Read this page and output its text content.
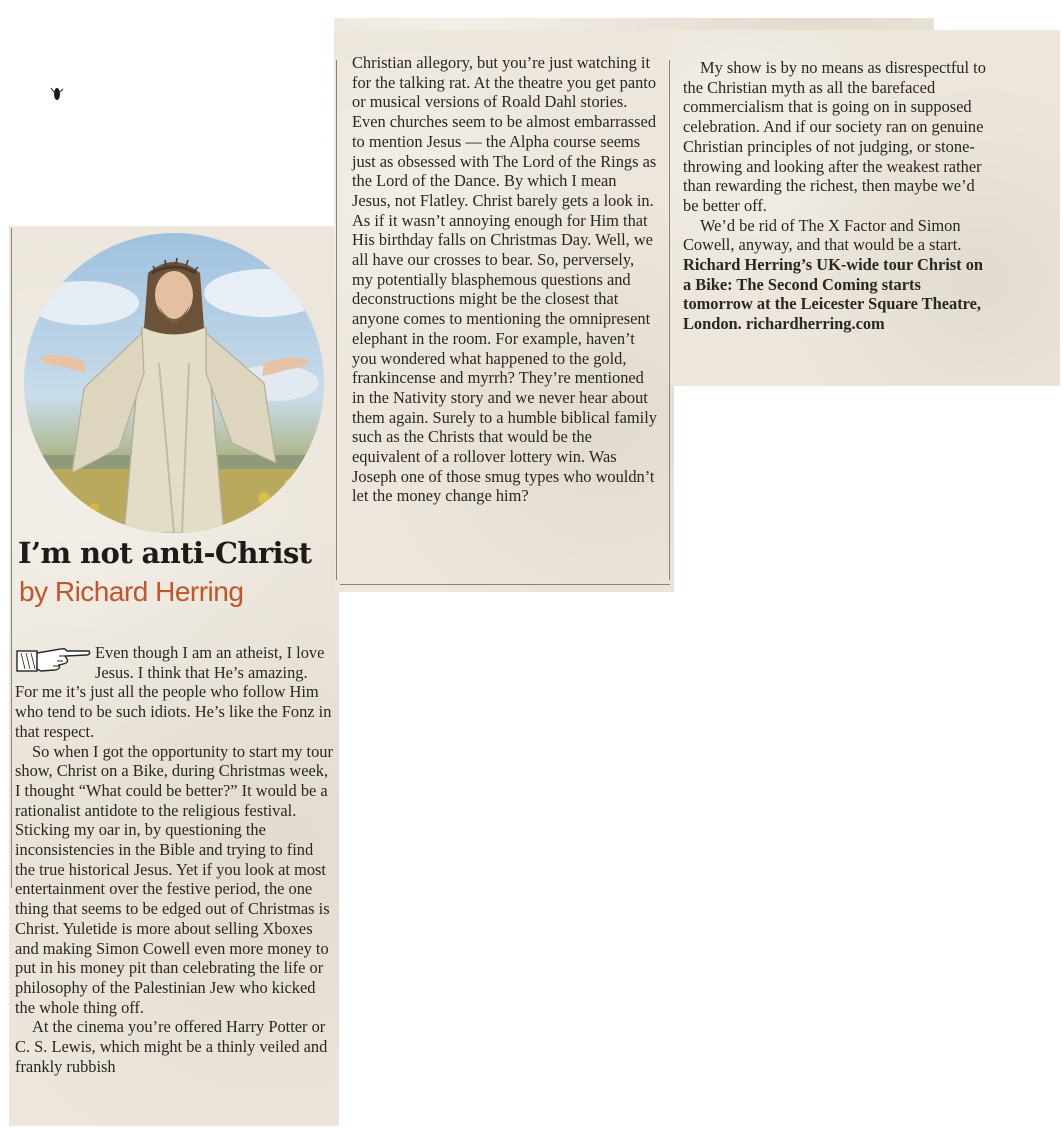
I’m not anti-Christ
by Richard Herring

Even though I am an atheist, I love Jesus. I think that He’s amazing. For me it’s just all the people who follow Him who tend to be such idiots. He’s like the Fonz in that respect.

So when I got the opportunity to start my tour show, Christ on a Bike, during Christmas week, I thought “What could be better?” It would be a rationalist antidote to the religious festival. Sticking my oar in, by questioning the inconsistencies in the Bible and trying to find the true historical Jesus. Yet if you look at most entertainment over the festive period, the one thing that seems to be edged out of Christmas is Christ. Yuletide is more about selling Xboxes and making Simon Cowell even more money to put in his money pit than celebrating the life or philosophy of the Palestinian Jew who kicked the whole thing off.

At the cinema you’re offered Harry Potter or C. S. Lewis, which might be a thinly veiled and frankly rubbish

Christian allegory, but you’re just watching it for the talking rat. At the theatre you get panto or musical versions of Roald Dahl stories. Even churches seem to be almost embarrassed to mention Jesus — the Alpha course seems just as obsessed with The Lord of the Rings as the Lord of the Dance. By which I mean Jesus, not Flatley. Christ barely gets a look in. As if it wasn’t annoying enough for Him that His birthday falls on Christmas Day. Well, we all have our crosses to bear. So, perversely, my potentially blasphemous questions and deconstructions might be the closest that anyone comes to mentioning the omnipresent elephant in the room. For example, haven’t you wondered what happened to the gold, frankincense and myrrh? They’re mentioned in the Nativity story and we never hear about them again. Surely to a humble biblical family such as the Christs that would be the equivalent of a rollover lottery win. Was Joseph one of those smug types who wouldn’t let the money change him?

My show is by no means as disrespectful to the Christian myth as all the barefaced commercialism that is going on in supposed celebration. And if our society ran on genuine Christian principles of not judging, or stone-throwing and looking after the weakest rather than rewarding the richest, then maybe we’d be better off.

We’d be rid of The X Factor and Simon Cowell, anyway, and that would be a start.

Richard Herring’s UK-wide tour Christ on a Bike: The Second Coming starts tomorrow at the Leicester Square Theatre, London. richardherring.com
